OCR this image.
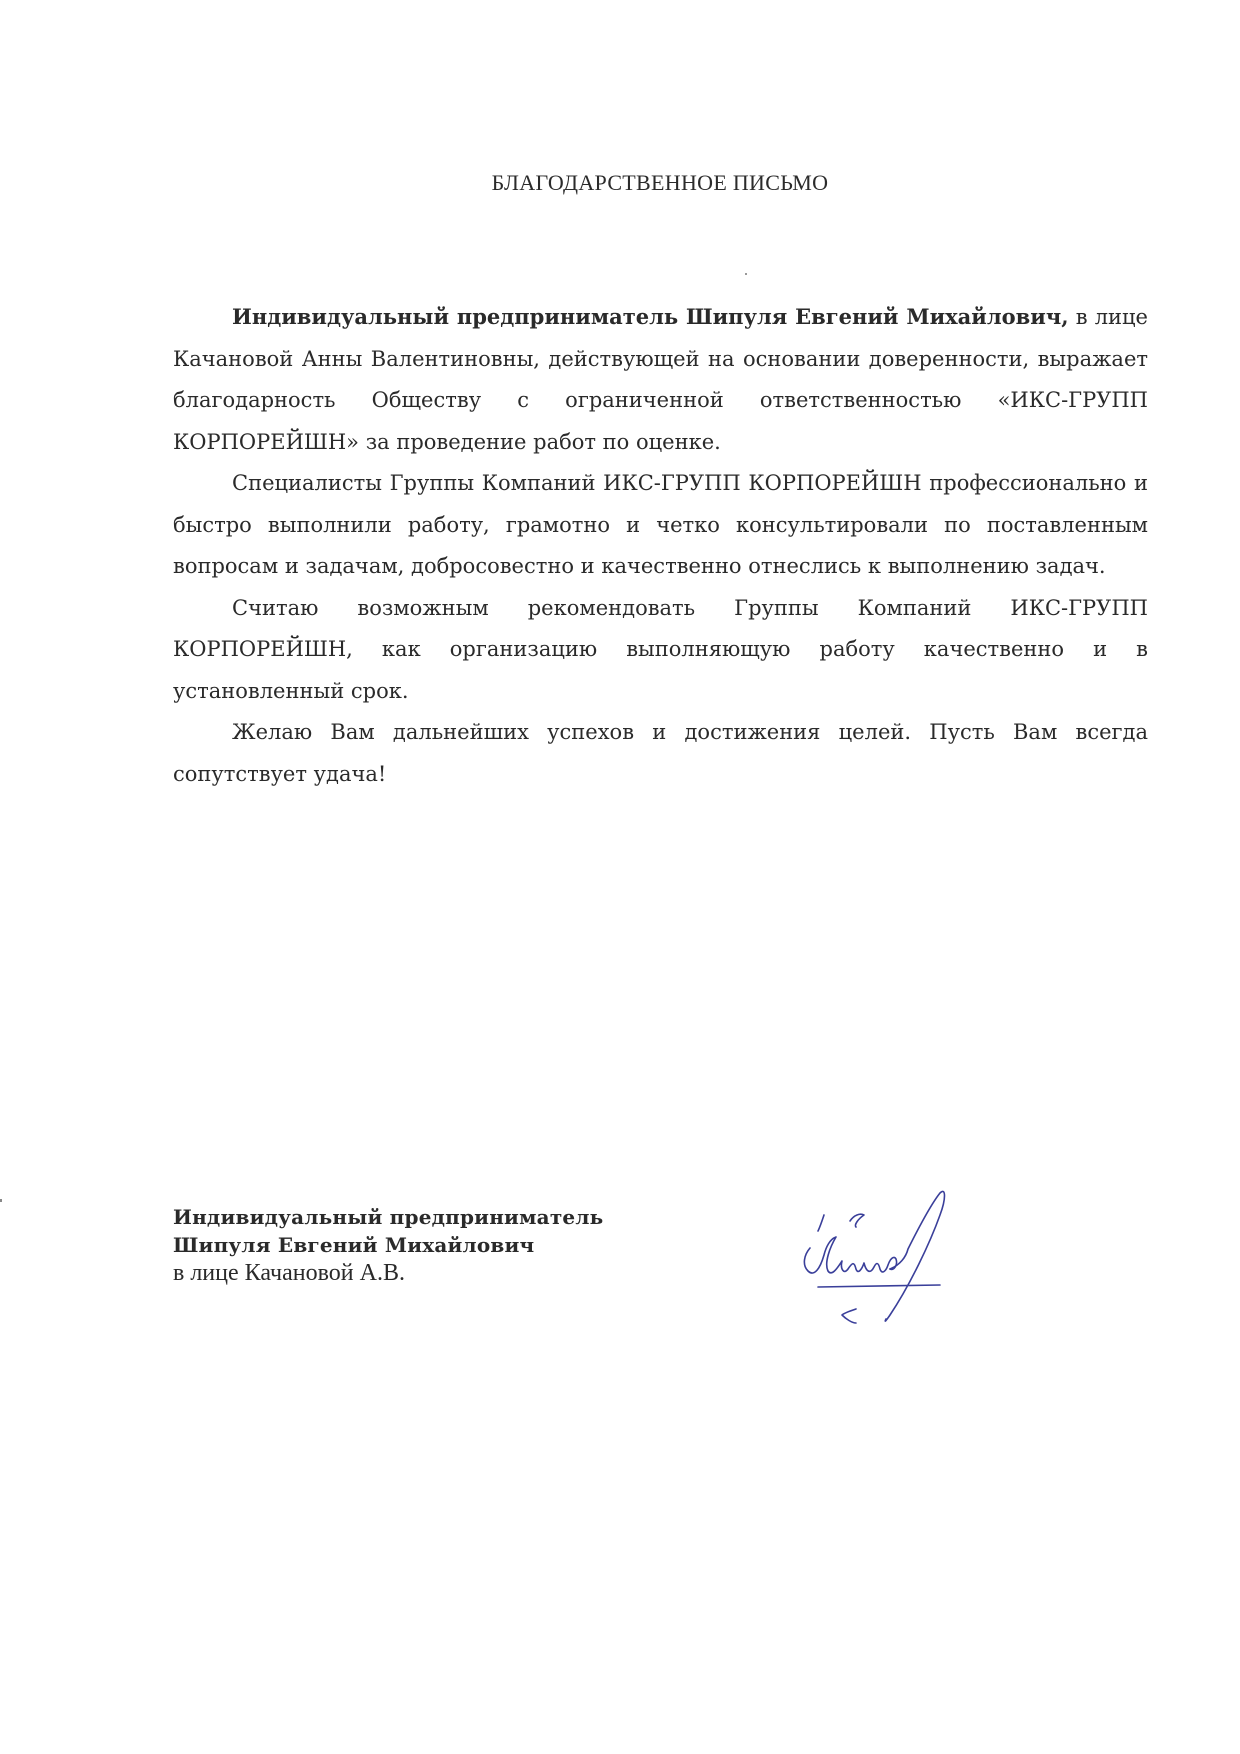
БЛАГОДАРСТВЕННОЕ ПИСЬМО

Индивидуальный предприниматель Шипуля Евгений Михайлович, в лице Качановой Анны Валентиновны, действующей на основании доверенности, выражает благодарность Обществу с ограниченной ответственностью «ИКС-ГРУПП КОРПОРЕЙШН» за проведение работ по оценке.

Специалисты Группы Компаний ИКС-ГРУПП КОРПОРЕЙШН профессионально и быстро выполнили работу, грамотно и четко консультировали по поставленным вопросам и задачам, добросовестно и качественно отнеслись к выполнению задач.

Считаю возможным рекомендовать Группы Компаний ИКС-ГРУПП КОРПОРЕЙШН, как организацию выполняющую работу качественно и в установленный срок.

Желаю Вам дальнейших успехов и достижения целей. Пусть Вам всегда сопутствует удача!

Индивидуальный предприниматель
Шипуля Евгений Михайлович
в лице Качановой А.В.
